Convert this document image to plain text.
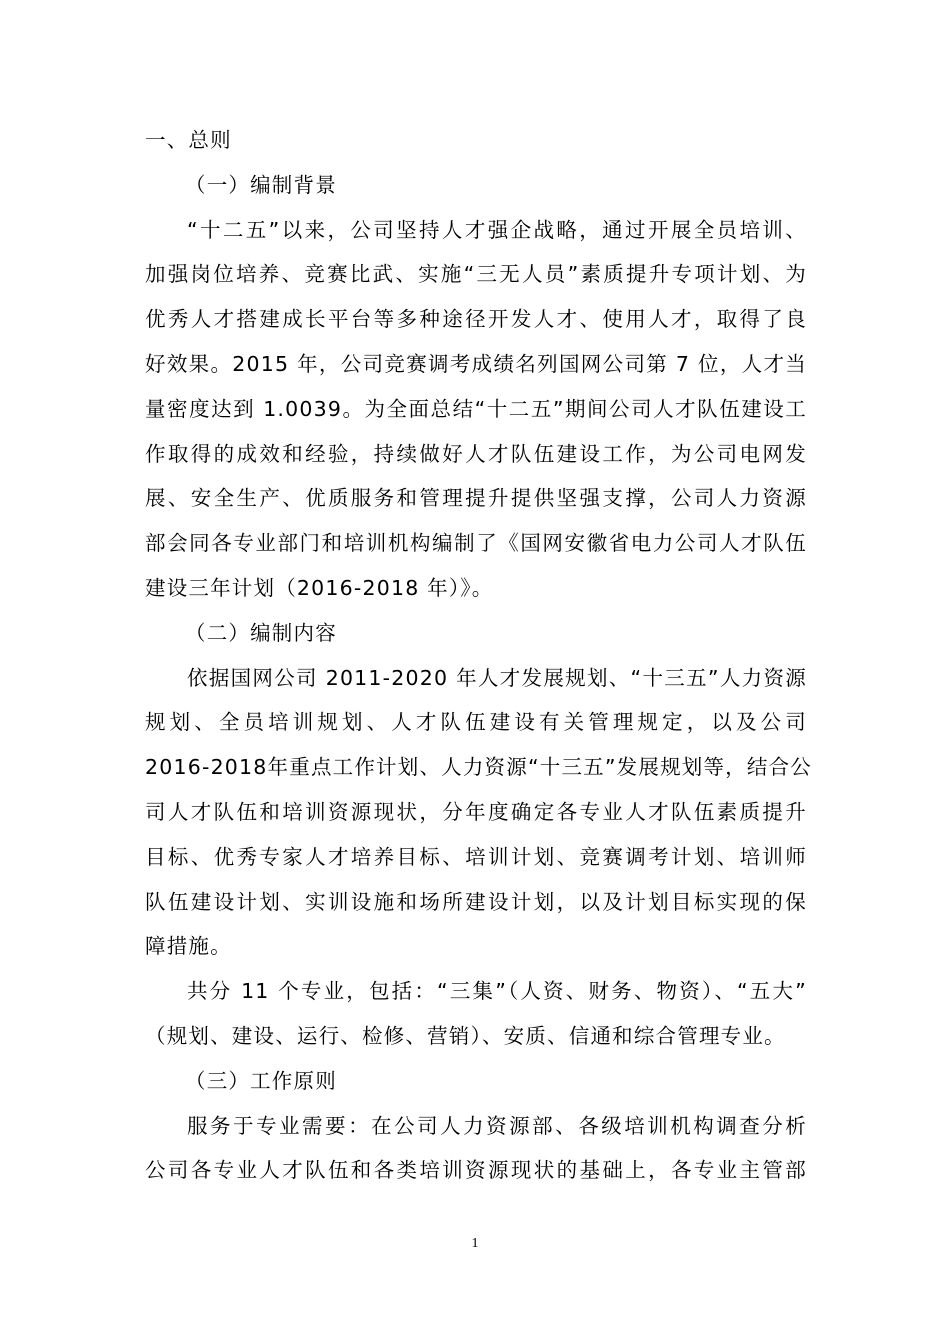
一、总则
（一）编制背景
“十二五”以来，公司坚持人才强企战略，通过开展全员培训、
加强岗位培养、竞赛比武、实施“三无人员”素质提升专项计划、为
优秀人才搭建成长平台等多种途径开发人才、使用人才，取得了良
好效果。2015 年，公司竞赛调考成绩名列国网公司第 7 位，人才当
量密度达到 1.0039。为全面总结“十二五”期间公司人才队伍建设工
作取得的成效和经验，持续做好人才队伍建设工作，为公司电网发
展、安全生产、优质服务和管理提升提供坚强支撑，公司人力资源
部会同各专业部门和培训机构编制了《国网安徽省电力公司人才队伍
建设三年计划（2016-2018 年）》。
（二）编制内容
依据国网公司 2011-2020 年人才发展规划、“十三五”人力资源
规划、全员培训规划、人才队伍建设有关管理规定，以及公司
2016-2018年重点工作计划、人力资源“十三五”发展规划等，结合公
司人才队伍和培训资源现状，分年度确定各专业人才队伍素质提升
目标、优秀专家人才培养目标、培训计划、竞赛调考计划、培训师
队伍建设计划、实训设施和场所建设计划，以及计划目标实现的保
障措施。
共分 11 个专业，包括：“三集”（人资、财务、物资）、“五大”
（规划、建设、运行、检修、营销）、安质、信通和综合管理专业。
（三）工作原则
服务于专业需要：在公司人力资源部、各级培训机构调查分析
公司各专业人才队伍和各类培训资源现状的基础上，各专业主管部
1
